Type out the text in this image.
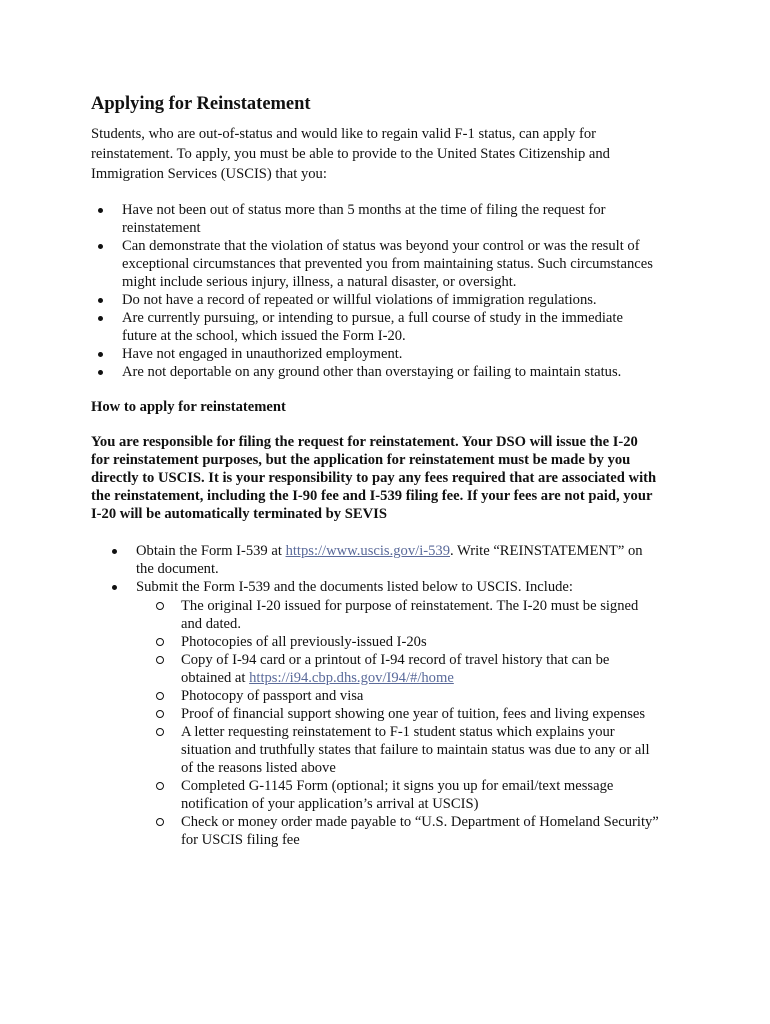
Applying for Reinstatement

Students, who are out-of-status and would like to regain valid F-1 status, can apply for
reinstatement. To apply, you must be able to provide to the United States Citizenship and
Immigration Services (USCIS) that you:

Have not been out of status more than 5 months at the time of filing the request for
reinstatement
Can demonstrate that the violation of status was beyond your control or was the result of
exceptional circumstances that prevented you from maintaining status. Such circumstances
might include serious injury, illness, a natural disaster, or oversight.
Do not have a record of repeated or willful violations of immigration regulations.
Are currently pursuing, or intending to pursue, a full course of study in the immediate
future at the school, which issued the Form I-20.
Have not engaged in unauthorized employment.
Are not deportable on any ground other than overstaying or failing to maintain status.
How to apply for reinstatement

You are responsible for filing the request for reinstatement. Your DSO will issue the I-20
for reinstatement purposes, but the application for reinstatement must be made by you
directly to USCIS. It is your responsibility to pay any fees required that are associated with
the reinstatement, including the I-90 fee and I-539 filing fee. If your fees are not paid, your
I-20 will be automatically terminated by SEVIS

Obtain the Form I-539 at https://www.uscis.gov/i-539. Write “REINSTATEMENT” on
the document.
Submit the Form I-539 and the documents listed below to USCIS. Include:
The original I-20 issued for purpose of reinstatement. The I-20 must be signed
and dated.
Photocopies of all previously-issued I-20s
Copy of I-94 card or a printout of I-94 record of travel history that can be
obtained at https://i94.cbp.dhs.gov/I94/#/home
Photocopy of passport and visa
Proof of financial support showing one year of tuition, fees and living expenses
A letter requesting reinstatement to F-1 student status which explains your
situation and truthfully states that failure to maintain status was due to any or all
of the reasons listed above
Completed G-1145 Form (optional; it signs you up for email/text message
notification of your application’s arrival at USCIS)
Check or money order made payable to “U.S. Department of Homeland Security”
for USCIS filing fee
